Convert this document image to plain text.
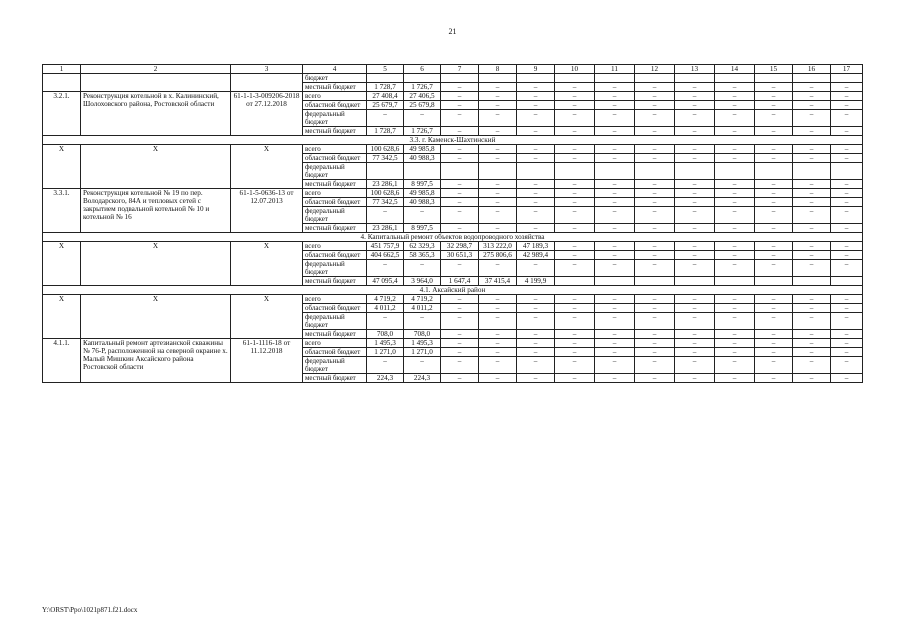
21
1	2	3	4	5	6	7	8	9	10	11	12	13	14	15	16	17
			бюджет													
			местный бюджет	1 728,7	1 726,7	–	–	–	–	–	–	–	–	–	–	–
3.2.1.	Реконструкция котельной в х. Калининский, Шолоховского района, Ростовской области	61-1-1-3-009206-2018 от 27.12.2018	всего	27 408,4	27 406,5	–	–	–	–	–	–	–	–	–	–	–
			областной бюджет	25 679,7	25 679,8	–	–	–	–	–	–	–	–	–	–	–
			федеральный бюджет	–	–	–	–	–	–	–	–	–	–	–	–	–
			местный бюджет	1 728,7	1 726,7	–	–	–	–	–	–	–	–	–	–	–
3.3. г. Каменск-Шахтинский																
Х	Х	Х	всего	100 628,6	49 985,8	–	–	–	–	–	–	–	–	–	–	–
			областной бюджет	77 342,5	40 988,3	–	–	–	–	–	–	–	–	–	–	–
			федеральный бюджет													
			местный бюджет	23 286,1	8 997,5	–	–	–	–	–	–	–	–	–	–	–
3.3.1.	Реконструкция котельной № 19 по пер. Володарского, 84А и тепловых сетей с закрытием подвальной котельной № 10 и котельной № 16	61-1-5-0636-13 от 12.07.2013	всего	100 628,6	49 985,8	–	–	–	–	–	–	–	–	–	–	–
			областной бюджет	77 342,5	40 988,3	–	–	–	–	–	–	–	–	–	–	–
			федеральный бюджет	–	–	–	–	–	–	–	–	–	–	–	–	–
			местный бюджет	23 286,1	8 997,5	–	–	–	–	–	–	–	–	–	–	–
4. Капитальный ремонт объектов водопроводного хозяйства																
Х	Х	Х	всего	451 757,9	62 329,3	32 298,7	313 222,0	47 189,3	–	–	–	–	–	–	–	–
			областной бюджет	404 662,5	58 365,3	30 651,3	275 806,6	42 989,4	–	–	–	–	–	–	–	–
			федеральный бюджет	–	–	–	–	–	–	–	–	–	–	–	–	–
			местный бюджет	47 095,4	3 964,0	1 647,4	37 415,4	4 199,9								
4.1. Аксайский район																
Х	Х	Х	всего	4 719,2	4 719,2	–	–	–	–	–	–	–	–	–	–	–
			областной бюджет	4 011,2	4 011,2	–	–	–	–	–	–	–	–	–	–	–
			федеральный бюджет	–	–	–	–	–	–	–	–	–	–	–	–	–
			местный бюджет	708,0	708,0	–	–	–	–	–	–	–	–	–	–	–
4.1.1.	Капитальный ремонт артезианской скважины № 76-Р, расположенной на северной окраине х. Малый Мишкин Аксайского района Ростовской области	61-1-1116-18 от 11.12.2018	всего	1 495,3	1 495,3	–	–	–	–	–	–	–	–	–	–	–
			областной бюджет	1 271,0	1 271,0	–	–	–	–	–	–	–	–	–	–	–
			федеральный бюджет	–	–	–	–	–	–	–	–	–	–	–	–	–
			местный бюджет	224,3	224,3	–	–	–	–	–	–	–	–	–	–	–
Y:\ORST\Ppo\1021p871.f21.docx
